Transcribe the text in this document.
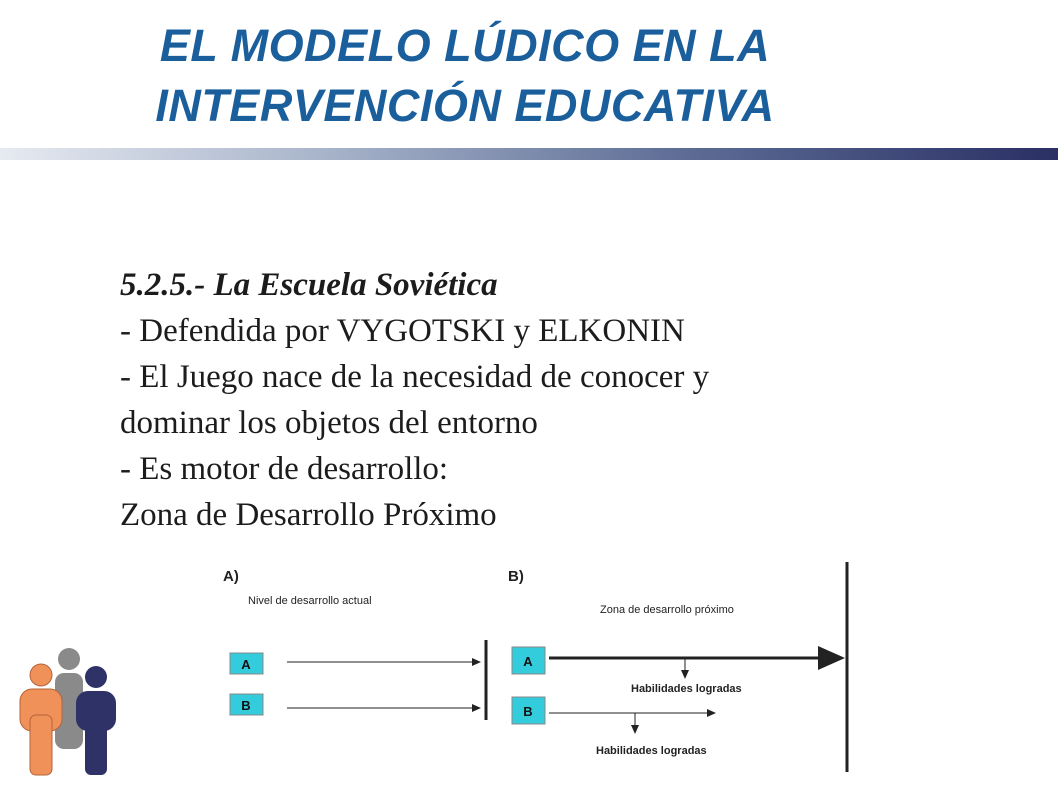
EL MODELO LÚDICO EN LA
INTERVENCIÓN EDUCATIVA
5.2.5.- La Escuela Soviética
- Defendida por VYGOTSKI y ELKONIN
- El Juego nace de la necesidad de conocer y
dominar los objetos del entorno
- Es motor de desarrollo:
Zona de Desarrollo Próximo
A)
Nivel de desarrollo actual
A
B
B)
Zona de desarrollo próximo
A
B
Habilidades logradas
Habilidades logradas
